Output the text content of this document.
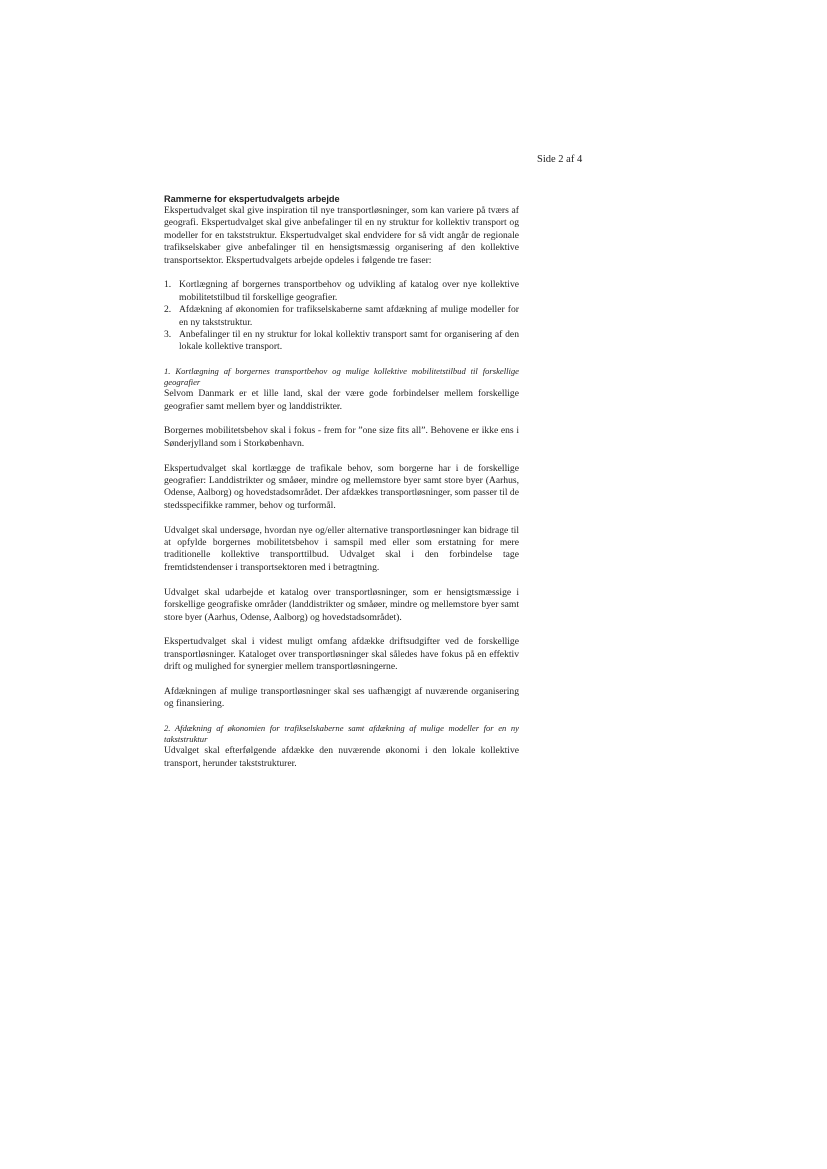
Side 2 af 4
Rammerne for ekspertudvalgets arbejde

Ekspertudvalget skal give inspiration til nye transportløsninger, som kan variere på tværs af geografi. Ekspertudvalget skal give anbefalinger til en ny struktur for kollektiv transport og modeller for en takststruktur. Ekspertudvalget skal endvidere for så vidt angår de regionale trafikselskaber give anbefalinger til en hensigtsmæssig organisering af den kollektive transportsektor. Ekspertudvalgets arbejde opdeles i følgende tre faser:

1. Kortlægning af borgernes transportbehov og udvikling af katalog over nye kollektive mobilitetstilbud til forskellige geografier.
2. Afdækning af økonomien for trafikselskaberne samt afdækning af mulige modeller for en ny takststruktur.
3. Anbefalinger til en ny struktur for lokal kollektiv transport samt for organisering af den lokale kollektive transport.
1. Kortlægning af borgernes transportbehov og mulige kollektive mobilitetstilbud til forskellige geografier

Selvom Danmark er et lille land, skal der være gode forbindelser mellem forskellige geografier samt mellem byer og landdistrikter.

Borgernes mobilitetsbehov skal i fokus - frem for ”one size fits all”. Behovene er ikke ens i Sønderjylland som i Storkøbenhavn.

Ekspertudvalget skal kortlægge de trafikale behov, som borgerne har i de forskellige geografier: Landdistrikter og småøer, mindre og mellemstore byer samt store byer (Aarhus, Odense, Aalborg) og hovedstadsområdet. Der afdækkes transportløsninger, som passer til de stedsspecifikke rammer, behov og turformål.

Udvalget skal undersøge, hvordan nye og/eller alternative transportløsninger kan bidrage til at opfylde borgernes mobilitetsbehov i samspil med eller som erstatning for mere traditionelle kollektive transporttilbud. Udvalget skal i den forbindelse tage fremtidstendenser i transportsektoren med i betragtning.

Udvalget skal udarbejde et katalog over transportløsninger, som er hensigtsmæssige i forskellige geografiske områder (landdistrikter og småøer, mindre og mellemstore byer samt store byer (Aarhus, Odense, Aalborg) og hovedstadsområdet).

Ekspertudvalget skal i videst muligt omfang afdække driftsudgifter ved de forskellige transportløsninger. Kataloget over transportløsninger skal således have fokus på en effektiv drift og mulighed for synergier mellem transportløsningerne.

Afdækningen af mulige transportløsninger skal ses uafhængigt af nuværende organisering og finansiering.

2. Afdækning af økonomien for trafikselskaberne samt afdækning af mulige modeller for en ny takststruktur

Udvalget skal efterfølgende afdække den nuværende økonomi i den lokale kollektive transport, herunder takststrukturer.
